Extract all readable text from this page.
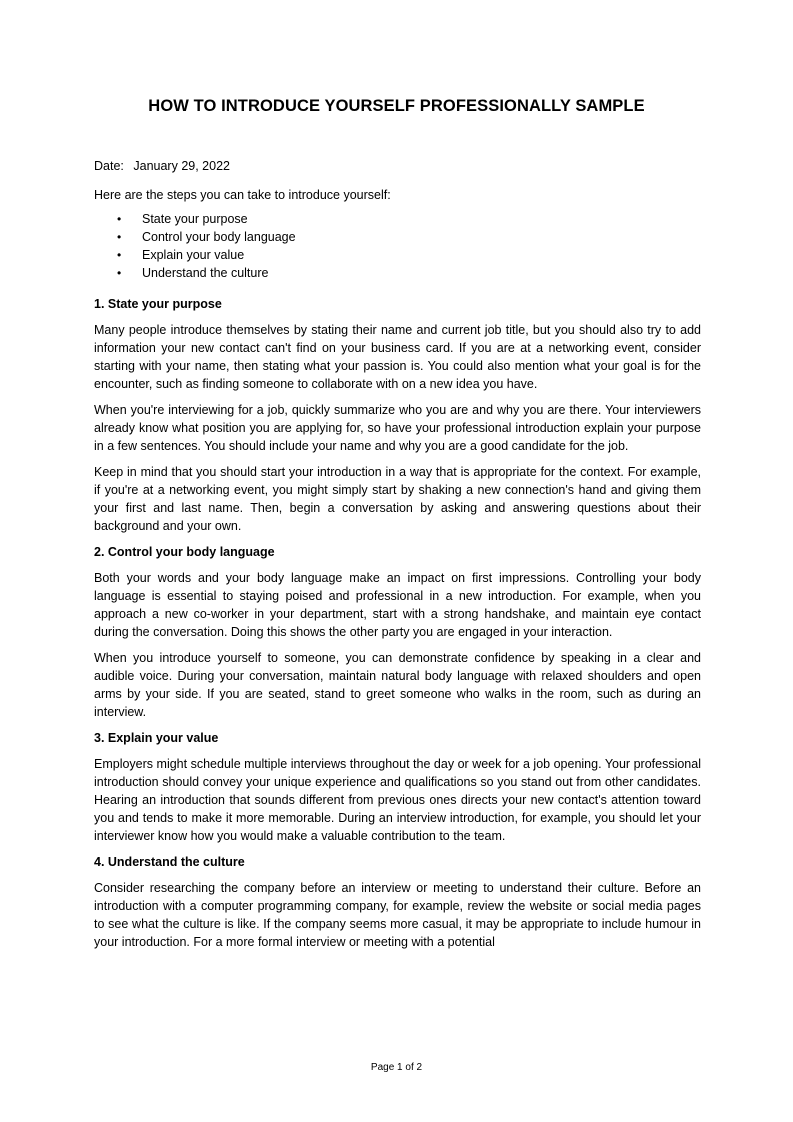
HOW TO INTRODUCE YOURSELF PROFESSIONALLY SAMPLE
Date: January 29, 2022

Here are the steps you can take to introduce yourself:

• State your purpose
• Control your body language
• Explain your value
• Understand the culture
1. State your purpose

Many people introduce themselves by stating their name and current job title, but you should also try to add information your new contact can't find on your business card. If you are at a networking event, consider starting with your name, then stating what your passion is. You could also mention what your goal is for the encounter, such as finding someone to collaborate with on a new idea you have.

When you're interviewing for a job, quickly summarize who you are and why you are there. Your interviewers already know what position you are applying for, so have your professional introduction explain your purpose in a few sentences. You should include your name and why you are a good candidate for the job.

Keep in mind that you should start your introduction in a way that is appropriate for the context. For example, if you're at a networking event, you might simply start by shaking a new connection's hand and giving them your first and last name. Then, begin a conversation by asking and answering questions about their background and your own.

2. Control your body language

Both your words and your body language make an impact on first impressions. Controlling your body language is essential to staying poised and professional in a new introduction. For example, when you approach a new co-worker in your department, start with a strong handshake, and maintain eye contact during the conversation. Doing this shows the other party you are engaged in your interaction.

When you introduce yourself to someone, you can demonstrate confidence by speaking in a clear and audible voice. During your conversation, maintain natural body language with relaxed shoulders and open arms by your side. If you are seated, stand to greet someone who walks in the room, such as during an interview.

3. Explain your value

Employers might schedule multiple interviews throughout the day or week for a job opening. Your professional introduction should convey your unique experience and qualifications so you stand out from other candidates. Hearing an introduction that sounds different from previous ones directs your new contact's attention toward you and tends to make it more memorable. During an interview introduction, for example, you should let your interviewer know how you would make a valuable contribution to the team.

4. Understand the culture

Consider researching the company before an interview or meeting to understand their culture. Before an introduction with a computer programming company, for example, review the website or social media pages to see what the culture is like. If the company seems more casual, it may be appropriate to include humour in your introduction. For a more formal interview or meeting with a potential

Page 1 of 2
